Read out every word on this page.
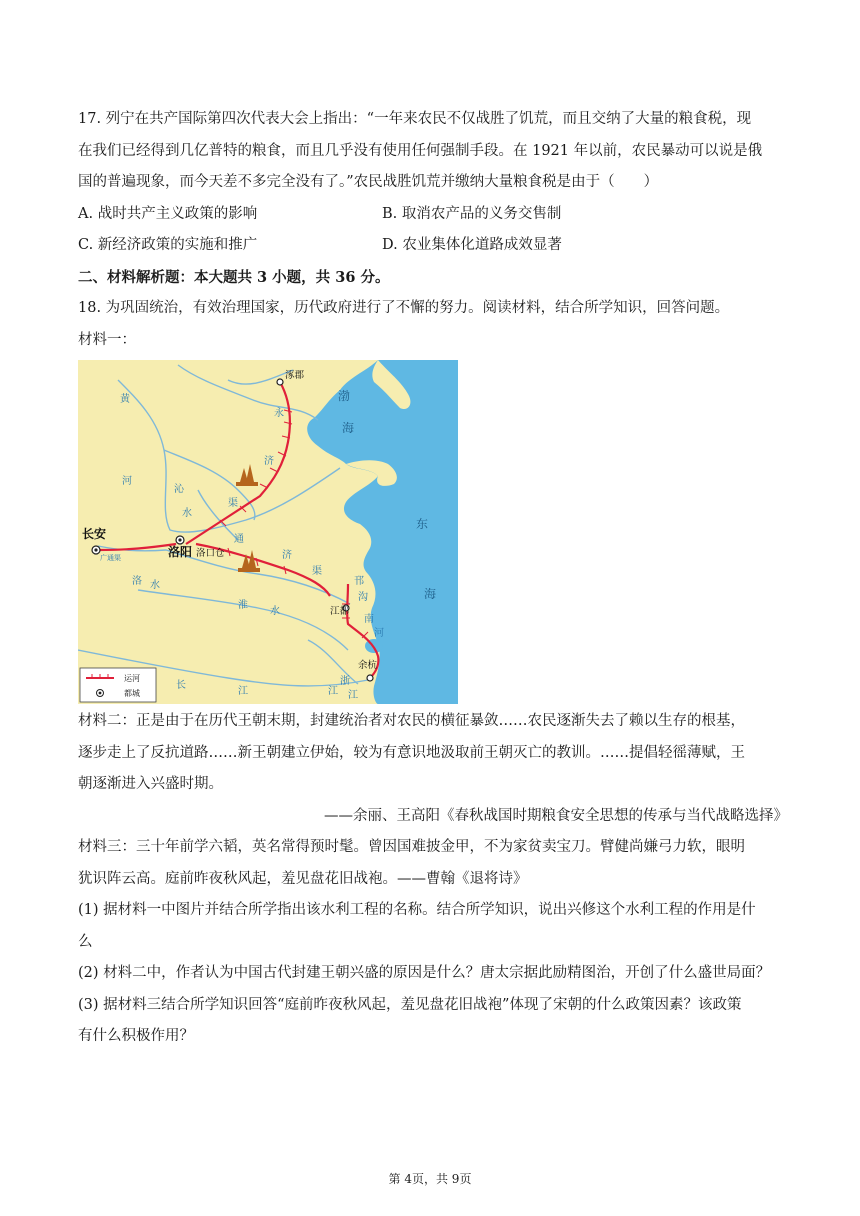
17. 列宁在共产国际第四次代表大会上指出：“一年来农民不仅战胜了饥荒，而且交纳了大量的粮食税，现

在我们已经得到几亿普特的粮食，而且几乎没有使用任何强制手段。在 1921 年以前，农民暴动可以说是俄

国的普遍现象，而今天差不多完全没有了。”农民战胜饥荒并缴纳大量粮食税是由于（　　）

A. 战时共产主义政策的影响	B. 取消农产品的义务交售制
C. 新经济政策的实施和推广	D. 农业集体化道路成效显著

二、材料解析题：本大题共 3 小题，共 36 分。

18. 为巩固统治，有效治理国家，历代政府进行了不懈的努力。阅读材料，结合所学知识，回答问题。

材料一：

涿郡
长安
洛阳 洛口仓
江都
余杭
黄
河
沁
水
永
济
渠
通
济
渠
洛 水
淮
水
长
江	江
南
河
浙
江
广通渠
邗
沟
渤
海
东
海
运河
都城

材料二：正是由于在历代王朝末期，封建统治者对农民的横征暴敛……农民逐渐失去了赖以生存的根基，

逐步走上了反抗道路……新王朝建立伊始，较为有意识地汲取前王朝灭亡的教训。……提倡轻徭薄赋，王

朝逐渐进入兴盛时期。

——余丽、王高阳《春秋战国时期粮食安全思想的传承与当代战略选择》

材料三：三十年前学六韬，英名常得预时髦。曾因国难披金甲，不为家贫卖宝刀。臂健尚嫌弓力软，眼明

犹识阵云高。庭前昨夜秋风起，羞见盘花旧战袍。——曹翰《退将诗》

(1) 据材料一中图片并结合所学指出该水利工程的名称。结合所学知识，说出兴修这个水利工程的作用是什

么

(2) 材料二中，作者认为中国古代封建王朝兴盛的原因是什么？唐太宗据此励精图治，开创了什么盛世局面？

(3) 据材料三结合所学知识回答“庭前昨夜秋风起，羞见盘花旧战袍”体现了宋朝的什么政策因素？该政策

有什么积极作用？

第 4页，共 9页
